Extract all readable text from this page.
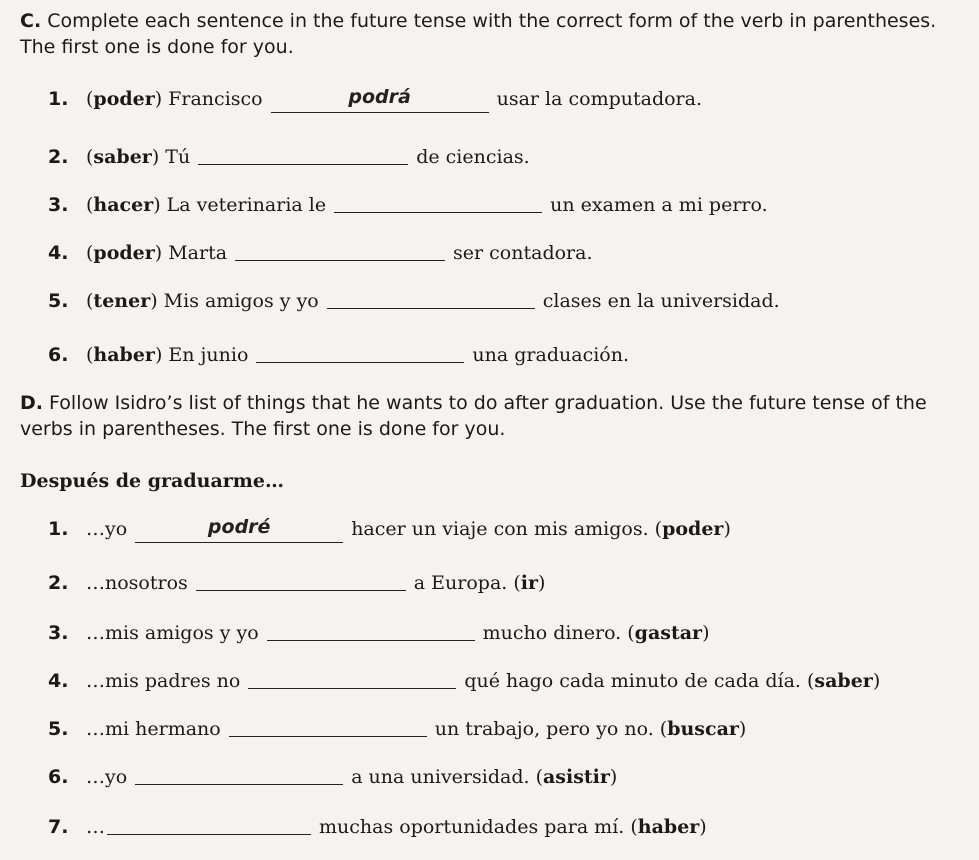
C. Complete each sentence in the future tense with the correct form of the verb in parentheses. The first one is done for you.
1. (poder) Francisco	podrá	usar la computadora.
2. (saber) Tú	de ciencias.
3. (hacer) La veterinaria le	un examen a mi perro.
4. (poder) Marta	ser contadora.
5. (tener) Mis amigos y yo	clases en la universidad.
6. (haber) En junio	una graduación.
D. Follow Isidro’s list of things that he wants to do after graduation. Use the future tense of the verbs in parentheses. The first one is done for you.
Después de graduarme…
1. …yo	podré	hacer un viaje con mis amigos. (poder)
2. …nosotros	a Europa. (ir)
3. …mis amigos y yo	mucho dinero. (gastar)
4. …mis padres no	qué hago cada minuto de cada día. (saber)
5. …mi hermano	un trabajo, pero yo no. (buscar)
6. …yo	a una universidad. (asistir)
7. …	muchas oportunidades para mí. (haber)
